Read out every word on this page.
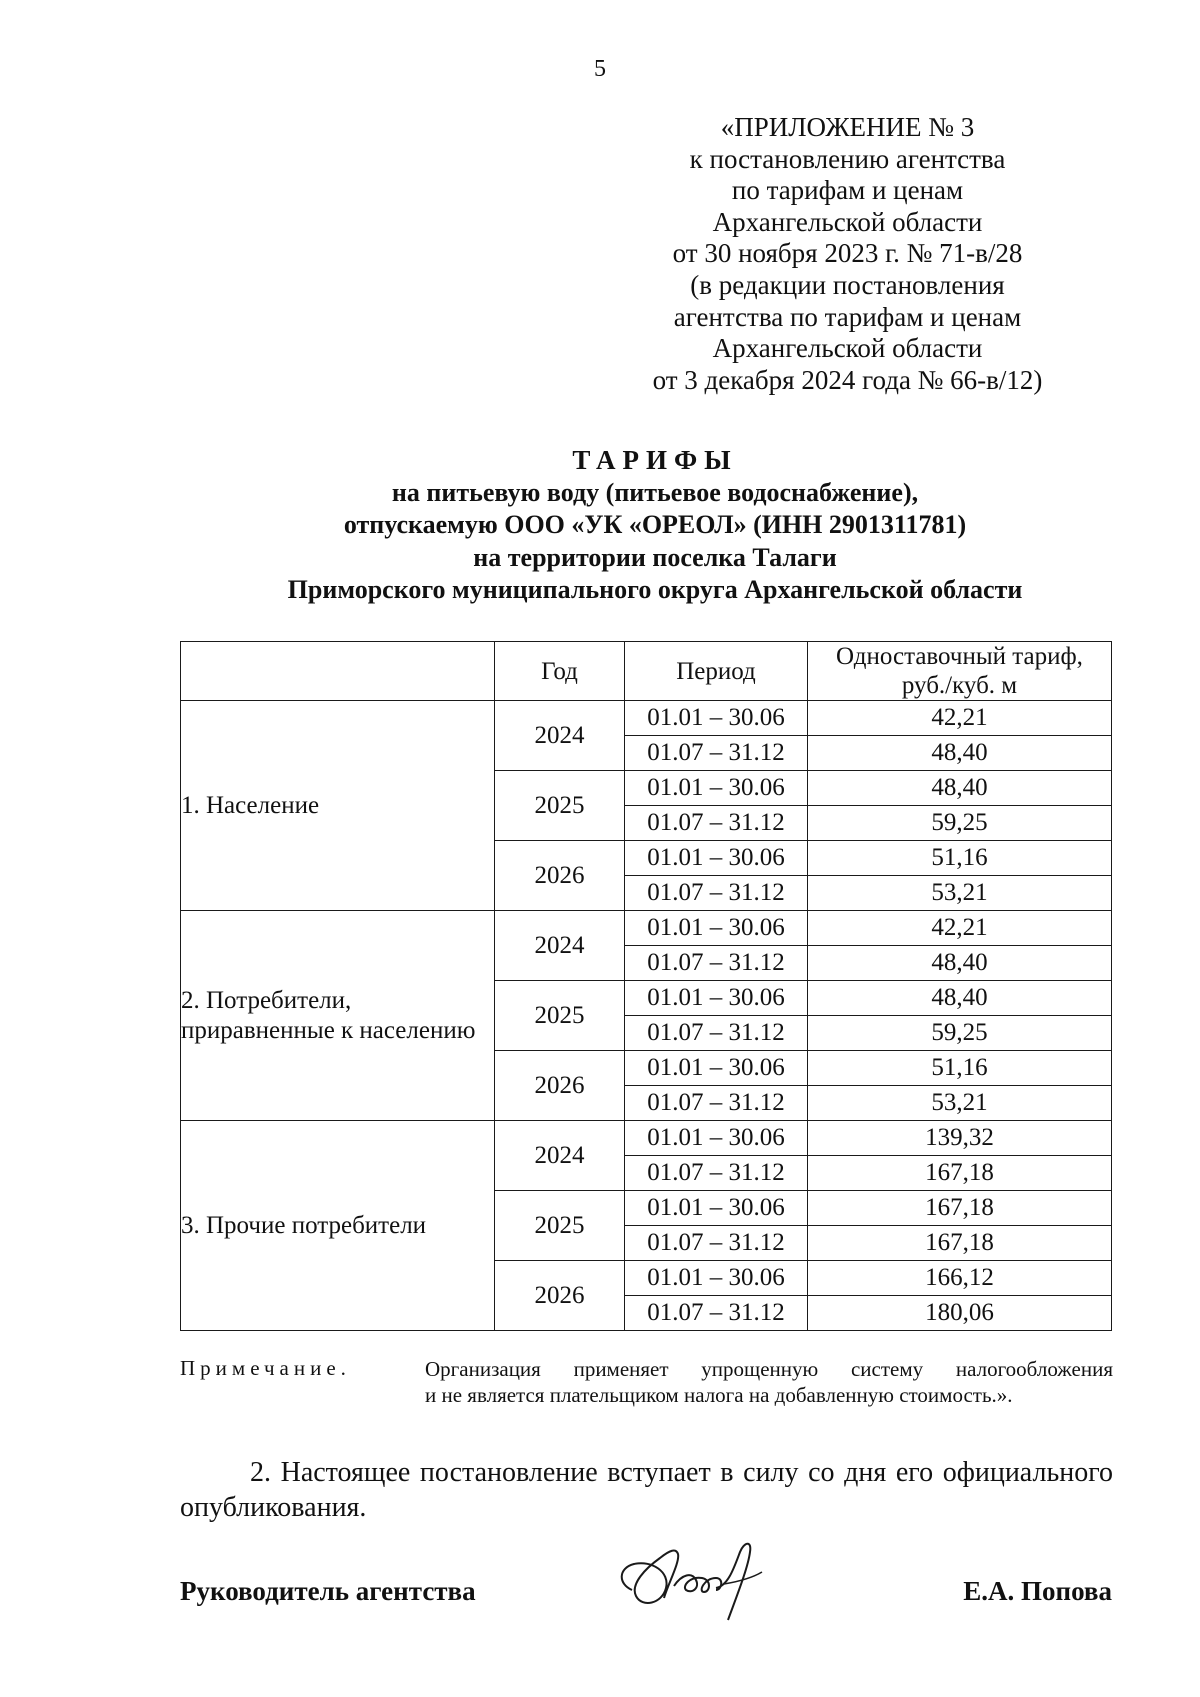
5
«ПРИЛОЖЕНИЕ № 3
к постановлению агентства
по тарифам и ценам
Архангельской области
от 30 ноября 2023 г. № 71-в/28
(в редакции постановления
агентства по тарифам и ценам
Архангельской области
от 3 декабря 2024 года № 66-в/12)
ТАРИФЫ
на питьевую воду (питьевое водоснабжение),
отпускаемую ООО «УК «ОРЕОЛ» (ИНН 2901311781)
на территории поселка Талаги
Приморского муниципального округа Архангельской области
	Год	Период	Одноставочный тариф,
руб./куб. м

1. Население	2024	01.01 – 30.06	42,21
		01.07 – 31.12	48,40
	2025	01.01 – 30.06	48,40
		01.07 – 31.12	59,25
	2026	01.01 – 30.06	51,16
		01.07 – 31.12	53,21

2. Потребители,
приравненные к населению	2024	01.01 – 30.06	42,21
		01.07 – 31.12	48,40
	2025	01.01 – 30.06	48,40
		01.07 – 31.12	59,25
	2026	01.01 – 30.06	51,16
		01.07 – 31.12	53,21

3. Прочие потребители	2024	01.01 – 30.06	139,32
		01.07 – 31.12	167,18
	2025	01.01 – 30.06	167,18
		01.07 – 31.12	167,18
	2026	01.01 – 30.06	166,12
		01.07 – 31.12	180,06
Примечание.	Организация применяет упрощенную систему налогообложения
и не является плательщиком налога на добавленную стоимость.».
2. Настоящее постановление вступает в силу со дня его официального
опубликования.
Руководитель агентства	Е.А. Попова
